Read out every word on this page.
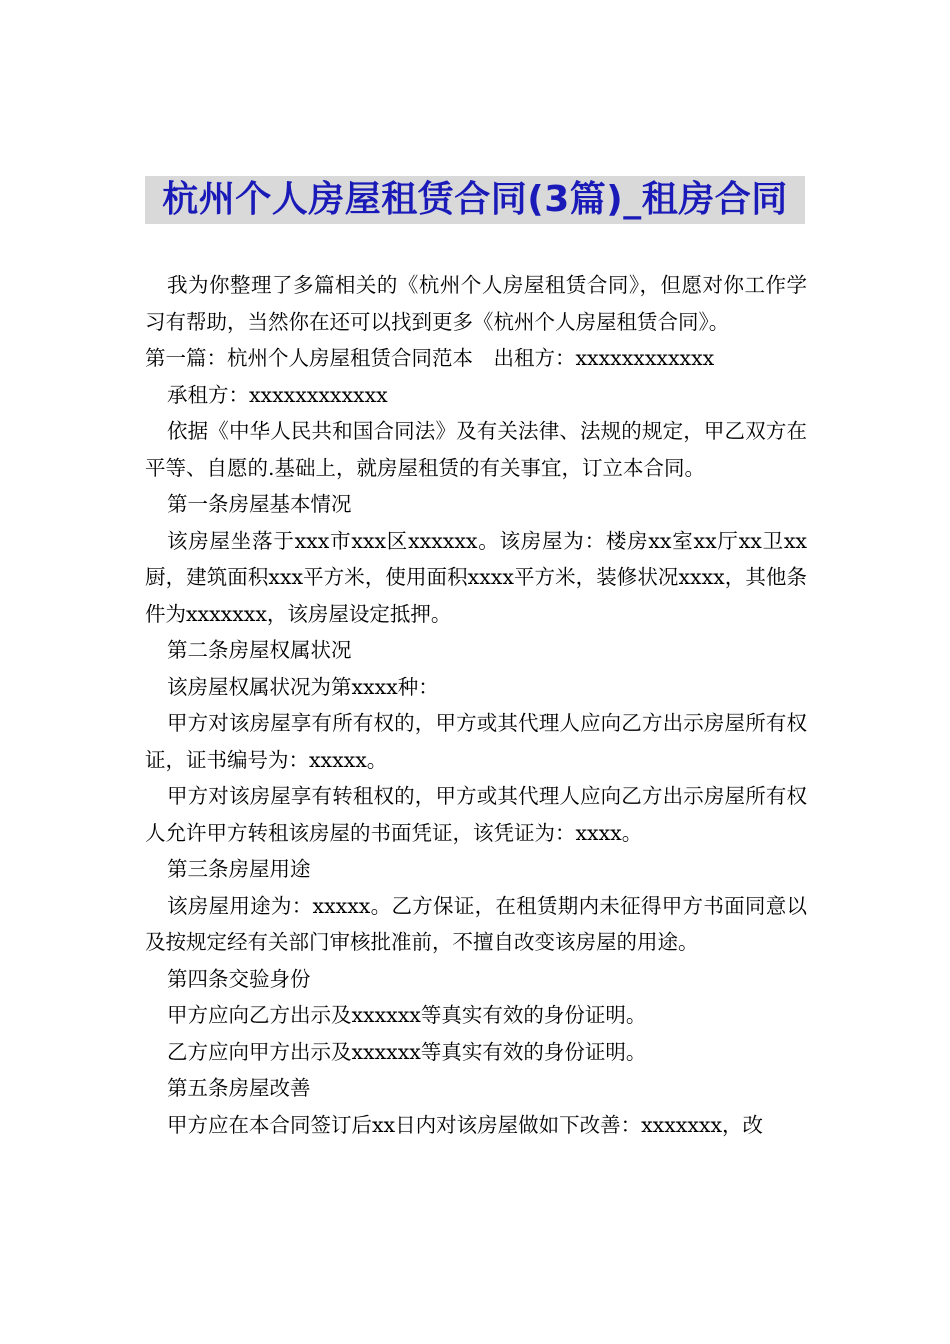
杭州个人房屋租赁合同(3篇)_租房合同

我为你整理了多篇相关的《杭州个人房屋租赁合同》，但愿对你工作学习有帮助，当然你在还可以找到更多《杭州个人房屋租赁合同》。

第一篇：杭州个人房屋租赁合同范本　出租方：xxxxxxxxxxxx

承租方：xxxxxxxxxxxx

依据《中华人民共和国合同法》及有关法律、法规的规定，甲乙双方在平等、自愿的.基础上，就房屋租赁的有关事宜，订立本合同。

第一条房屋基本情况

该房屋坐落于xxx市xxx区xxxxxx。该房屋为：楼房xx室xx厅xx卫xx厨，建筑面积xxx平方米，使用面积xxxx平方米，装修状况xxxx，其他条件为xxxxxxx，该房屋设定抵押。

第二条房屋权属状况

该房屋权属状况为第xxxx种：

甲方对该房屋享有所有权的，甲方或其代理人应向乙方出示房屋所有权证，证书编号为：xxxxx。

甲方对该房屋享有转租权的，甲方或其代理人应向乙方出示房屋所有权人允许甲方转租该房屋的书面凭证，该凭证为：xxxx。

第三条房屋用途

该房屋用途为：xxxxx。乙方保证，在租赁期内未征得甲方书面同意以及按规定经有关部门审核批准前，不擅自改变该房屋的用途。

第四条交验身份

甲方应向乙方出示及xxxxxx等真实有效的身份证明。

乙方应向甲方出示及xxxxxx等真实有效的身份证明。

第五条房屋改善

甲方应在本合同签订后xx日内对该房屋做如下改善：xxxxxxx，改
